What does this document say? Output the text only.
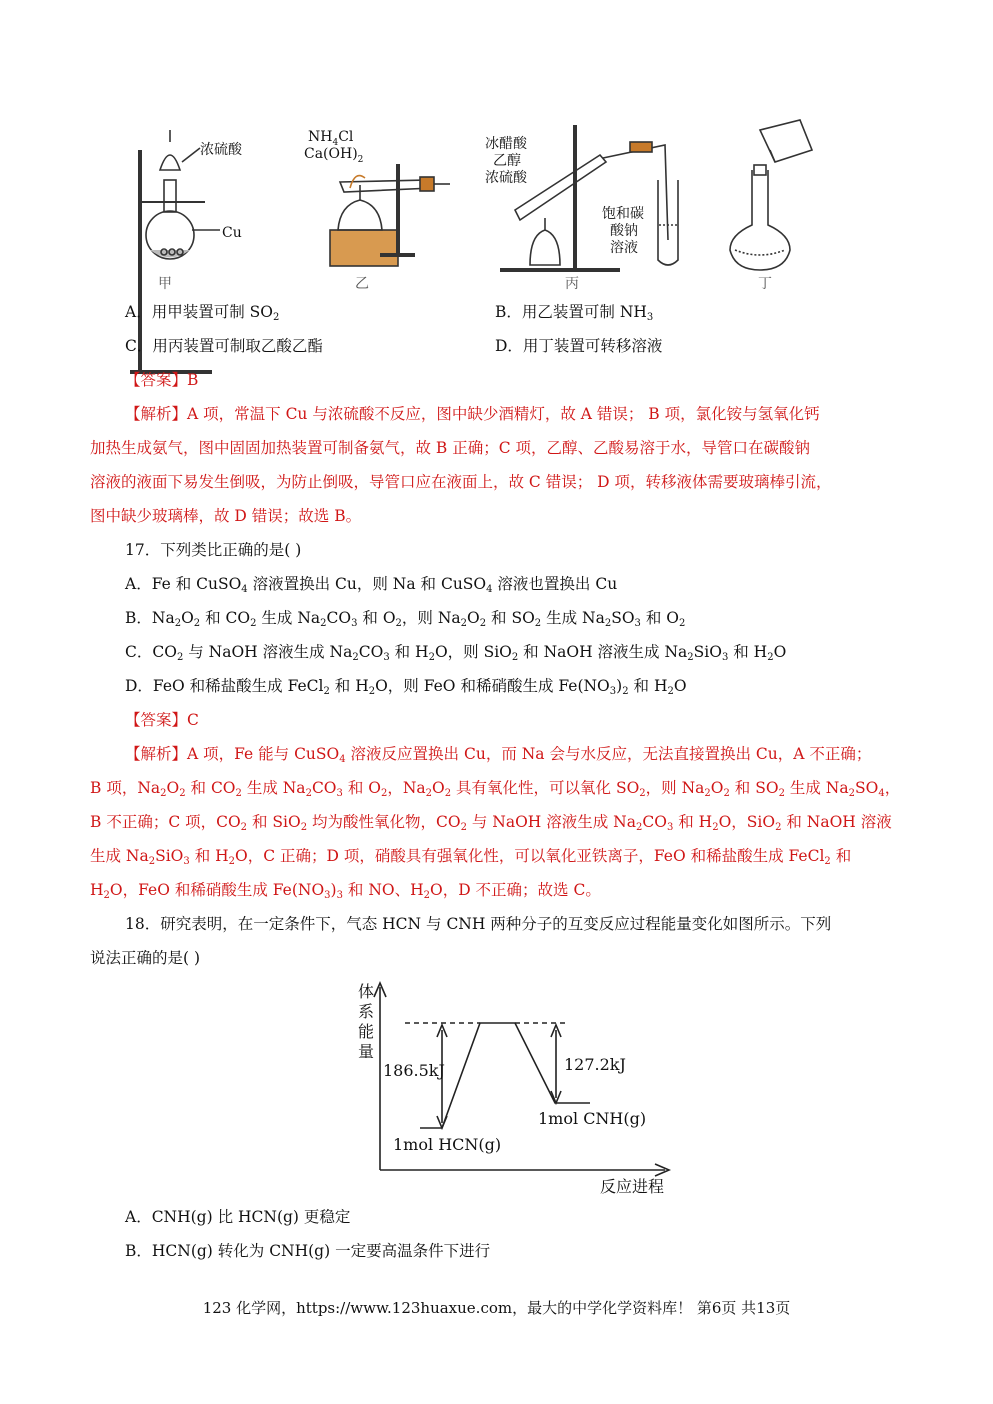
浓硫酸
Cu
$NH_4Cl$
$Ca(OH)_2$
冰醋酸
乙醇
浓硫酸
饱和碳
酸钠
溶液
甲	乙	丙	丁
A．用甲装置可制 $SO_2$	B．用乙装置可制 $NH_3$
C．用丙装置可制取乙酸乙酯	D．用丁装置可转移溶液
【答案】B
【解析】A 项，常温下 Cu 与浓硫酸不反应，图中缺少酒精灯，故 A 错误； B 项，氯化铵与氢氧化钙
加热生成氨气，图中固固加热装置可制备氨气，故 B 正确；C 项，乙醇、乙酸易溶于水，导管口在碳酸钠
溶液的液面下易发生倒吸，为防止倒吸，导管口应在液面上，故 C 错误； D 项，转移液体需要玻璃棒引流，
图中缺少玻璃棒，故 D 错误；故选 B。
17．下列类比正确的是( )
A．Fe 和 CuSO$_4$ 溶液置换出 Cu，则 Na 和 CuSO$_4$ 溶液也置换出 Cu
B．$Na_2O_2$ 和 $CO_2$ 生成 $Na_2CO_3$ 和 $O_2$，则 $Na_2O_2$ 和 $SO_2$ 生成 $Na_2SO_3$ 和 $O_2$
C．$CO_2$ 与 NaOH 溶液生成 $Na_2CO_3$ 和 $H_2O$，则 SiO$_2$ 和 NaOH 溶液生成 $Na_2SiO_3$ 和 $H_2O$
D．FeO 和稀盐酸生成 FeCl$_2$ 和 $H_2O$，则 FeO 和稀硝酸生成 $Fe(NO_3)_2$ 和 $H_2O$
【答案】C
【解析】A 项，Fe 能与 CuSO$_4$ 溶液反应置换出 Cu，而 Na 会与水反应，无法直接置换出 Cu，A 不正确；
B 项，$Na_2O_2$ 和 $CO_2$ 生成 $Na_2CO_3$ 和 $O_2$，$Na_2O_2$ 具有氧化性，可以氧化 $SO_2$，则 $Na_2O_2$ 和 $SO_2$ 生成 $Na_2SO_4$，
B 不正确；C 项，$CO_2$ 和 SiO$_2$ 均为酸性氧化物，$CO_2$ 与 NaOH 溶液生成 $Na_2CO_3$ 和 $H_2O$，SiO$_2$ 和 NaOH 溶液
生成 $Na_2SiO_3$ 和 $H_2O$，C 正确；D 项，硝酸具有强氧化性，可以氧化亚铁离子，FeO 和稀盐酸生成 FeCl$_2$ 和
$H_2O$，FeO 和稀硝酸生成 $Fe(NO_3)_3$ 和 NO、$H_2O$，D 不正确；故选 C。
18．研究表明，在一定条件下，气态 HCN 与 CNH 两种分子的互变反应过程能量变化如图所示。下列
说法正确的是( )
体
系
能
量
186.5kJ	127.2kJ
1mol HCN(g)
1mol CNH(g)
反应进程
A．CNH(g) 比 HCN(g) 更稳定
B．HCN(g) 转化为 CNH(g) 一定要高温条件下进行
123 化学网，https://www.123huaxue.com，最大的中学化学资料库！ 第6页 共13页
